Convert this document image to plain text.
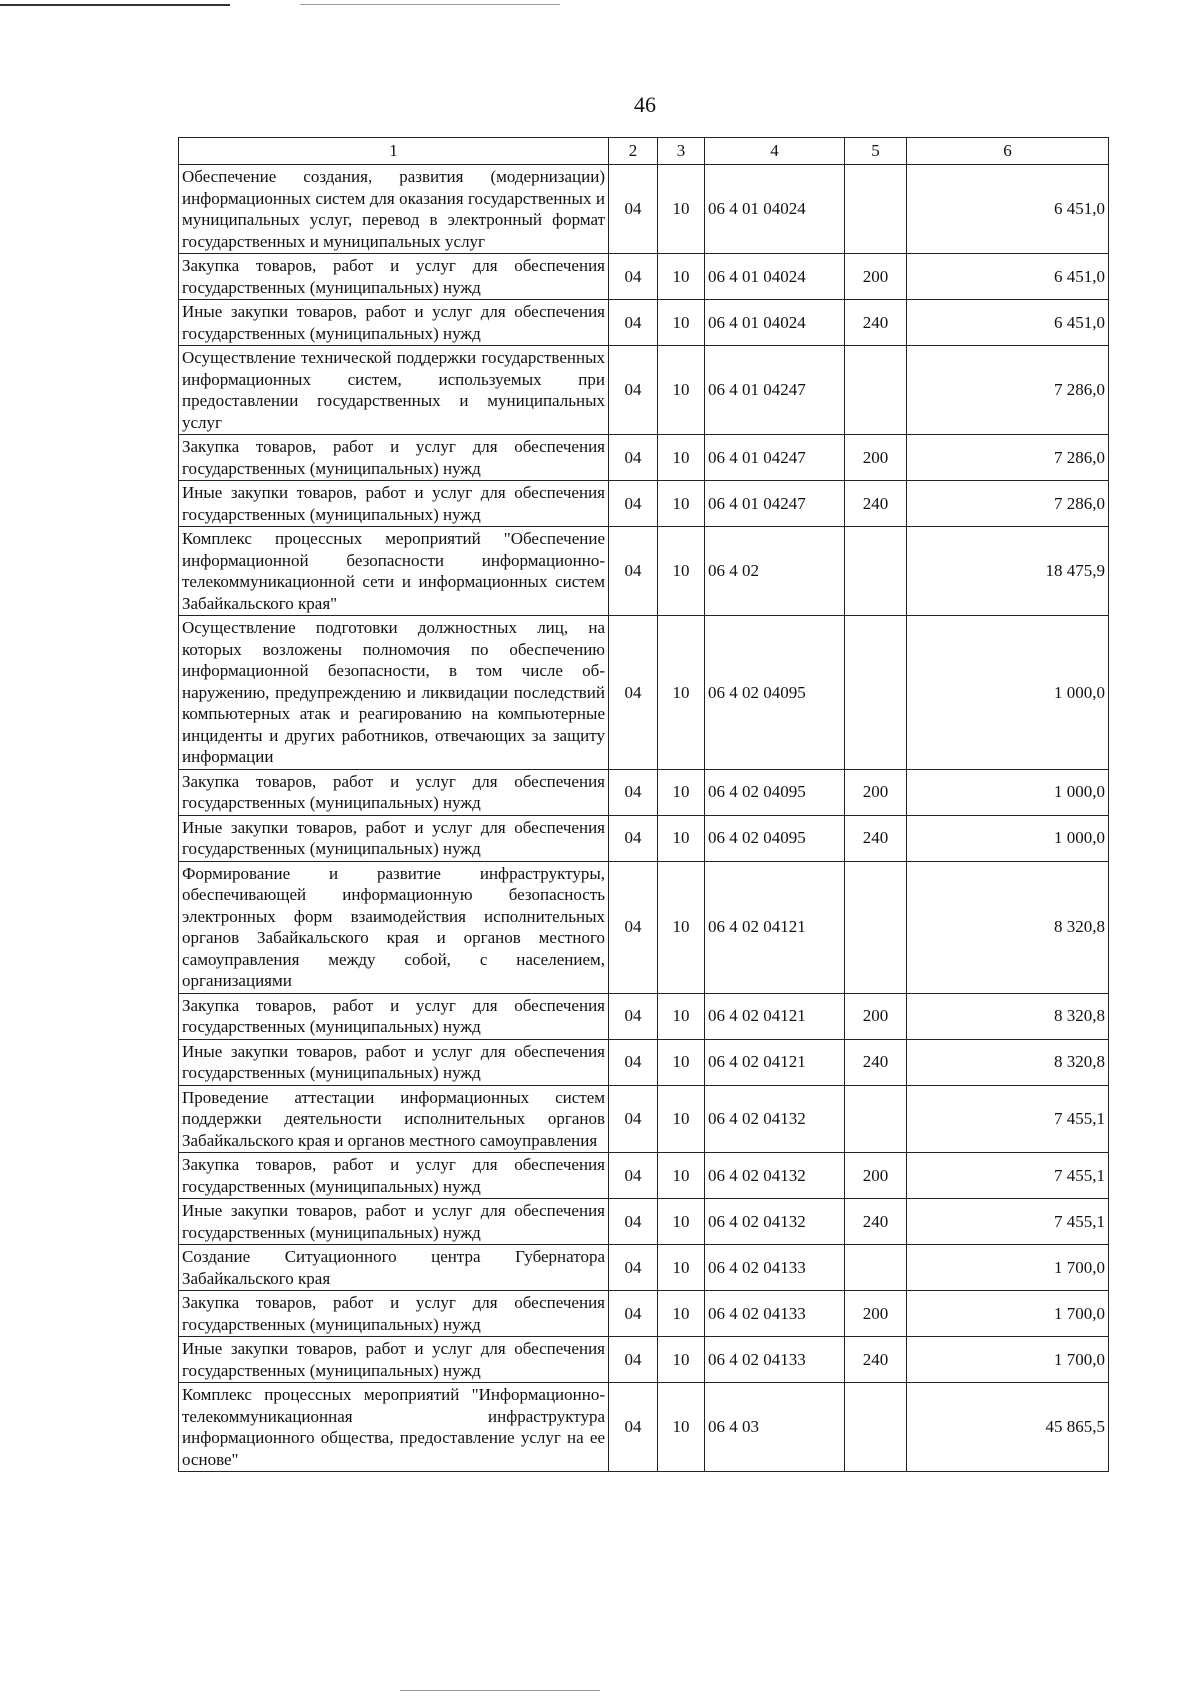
46
1	2	3	4	5	6
Обеспечение создания, развития (модернизации) информационных систем для оказания государственных и муниципальных услуг, перевод в электронный формат государственных и муниципальных услуг	04	10	06 4 01 04024		6 451,0
Закупка товаров, работ и услуг для обеспечения государственных (муниципальных) нужд	04	10	06 4 01 04024	200	6 451,0
Иные закупки товаров, работ и услуг для обеспечения государственных (муниципальных) нужд	04	10	06 4 01 04024	240	6 451,0
Осуществление технической поддержки государственных информационных систем, используемых при предоставлении государственных и муниципальных услуг	04	10	06 4 01 04247		7 286,0
Закупка товаров, работ и услуг для обеспечения государственных (муниципальных) нужд	04	10	06 4 01 04247	200	7 286,0
Иные закупки товаров, работ и услуг для обеспечения государственных (муниципальных) нужд	04	10	06 4 01 04247	240	7 286,0
Комплекс процессных мероприятий "Обеспечение информационной безопасности информационно-телекоммуникационной сети и информационных систем Забайкальского края"	04	10	06 4 02		18 475,9
Осуществление подготовки должностных лиц, на которых возложены полномочия по обеспечению информационной безопасности, в том числе обнаружению, предупреждению и ликвидации последствий компьютерных атак и реагированию на компьютерные инциденты и других работников, отвечающих за защиту информации	04	10	06 4 02 04095		1 000,0
Закупка товаров, работ и услуг для обеспечения государственных (муниципальных) нужд	04	10	06 4 02 04095	200	1 000,0
Иные закупки товаров, работ и услуг для обеспечения государственных (муниципальных) нужд	04	10	06 4 02 04095	240	1 000,0
Формирование и развитие инфраструктуры, обеспечивающей информационную безопасность электронных форм взаимодействия исполнительных органов Забайкальского края и органов местного самоуправления между собой, с населением, организациями	04	10	06 4 02 04121		8 320,8
Закупка товаров, работ и услуг для обеспечения государственных (муниципальных) нужд	04	10	06 4 02 04121	200	8 320,8
Иные закупки товаров, работ и услуг для обеспечения государственных (муниципальных) нужд	04	10	06 4 02 04121	240	8 320,8
Проведение аттестации информационных систем поддержки деятельности исполнительных органов Забайкальского края и органов местного самоуправления	04	10	06 4 02 04132		7 455,1
Закупка товаров, работ и услуг для обеспечения государственных (муниципальных) нужд	04	10	06 4 02 04132	200	7 455,1
Иные закупки товаров, работ и услуг для обеспечения государственных (муниципальных) нужд	04	10	06 4 02 04132	240	7 455,1
Создание Ситуационного центра Губернатора Забайкальского края	04	10	06 4 02 04133		1 700,0
Закупка товаров, работ и услуг для обеспечения государственных (муниципальных) нужд	04	10	06 4 02 04133	200	1 700,0
Иные закупки товаров, работ и услуг для обеспечения государственных (муниципальных) нужд	04	10	06 4 02 04133	240	1 700,0
Комплекс процессных мероприятий "Информационно-телекоммуникационная инфраструктура информационного общества, предоставление услуг на ее основе"	04	10	06 4 03		45 865,5
